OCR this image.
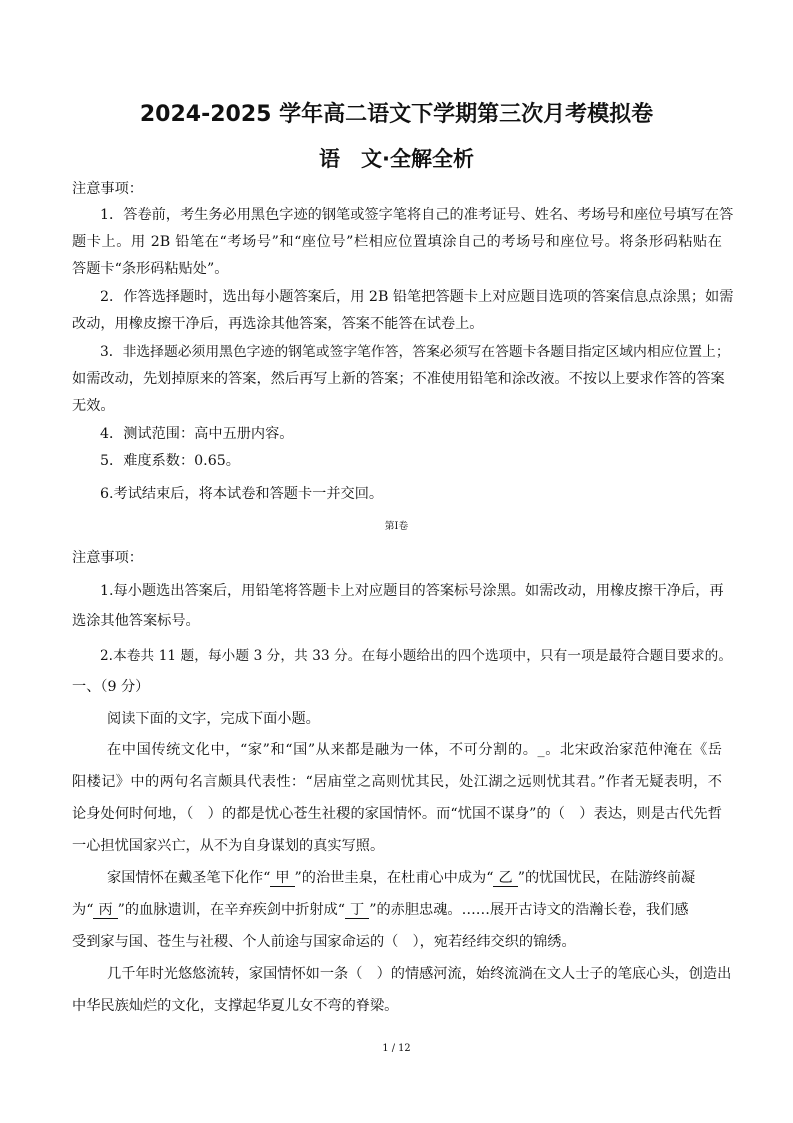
2024-2025 学年高二语文下学期第三次月考模拟卷
语　文·全解全析
注意事项：
1．答卷前，考生务必用黑色字迹的钢笔或签字笔将自己的准考证号、姓名、考场号和座位号填写在答
题卡上。用 2B 铅笔在“考场号”和“座位号”栏相应位置填涂自己的考场号和座位号。将条形码粘贴在
答题卡“条形码粘贴处”。
2．作答选择题时，选出每小题答案后，用 2B 铅笔把答题卡上对应题目选项的答案信息点涂黑；如需
改动，用橡皮擦干净后，再选涂其他答案，答案不能答在试卷上。
3．非选择题必须用黑色字迹的钢笔或签字笔作答，答案必须写在答题卡各题目指定区域内相应位置上；
如需改动，先划掉原来的答案，然后再写上新的答案；不准使用铅笔和涂改液。不按以上要求作答的答案
无效。
4．测试范围：高中五册内容。
5．难度系数：0.65。
6.考试结束后，将本试卷和答题卡一并交回。
第Ⅰ卷
注意事项：
1.每小题选出答案后，用铅笔将答题卡上对应题目的答案标号涂黑。如需改动，用橡皮擦干净后，再
选涂其他答案标号。
2.本卷共 11 题，每小题 3 分，共 33 分。在每小题给出的四个选项中，只有一项是最符合题目要求的。
一、（9 分）
阅读下面的文字，完成下面小题。
在中国传统文化中，“家”和“国”从来都是融为一体，不可分割的。_。北宋政治家范仲淹在《岳
阳楼记》中的两句名言颇具代表性：“居庙堂之高则忧其民，处江湖之远则忧其君。”作者无疑表明，不
论身处何时何地，（　）的都是忧心苍生社稷的家国情怀。而“忧国不谋身”的（　）表达，则是古代先哲
一心担忧国家兴亡，从不为自身谋划的真实写照。
家国情怀在戴圣笔下化作“ 甲 ”的治世圭臬，在杜甫心中成为“ 乙 ”的忧国忧民，在陆游终前凝
为“ 丙 ”的血脉遗训，在辛弃疾剑中折射成“ 丁 ”的赤胆忠魂。……展开古诗文的浩瀚长卷，我们感
受到家与国、苍生与社稷、个人前途与国家命运的（　），宛若经纬交织的锦绣。
几千年时光悠悠流转，家国情怀如一条（　）的情感河流，始终流淌在文人士子的笔底心头，创造出
中华民族灿烂的文化，支撑起华夏儿女不弯的脊梁。
1 / 12
